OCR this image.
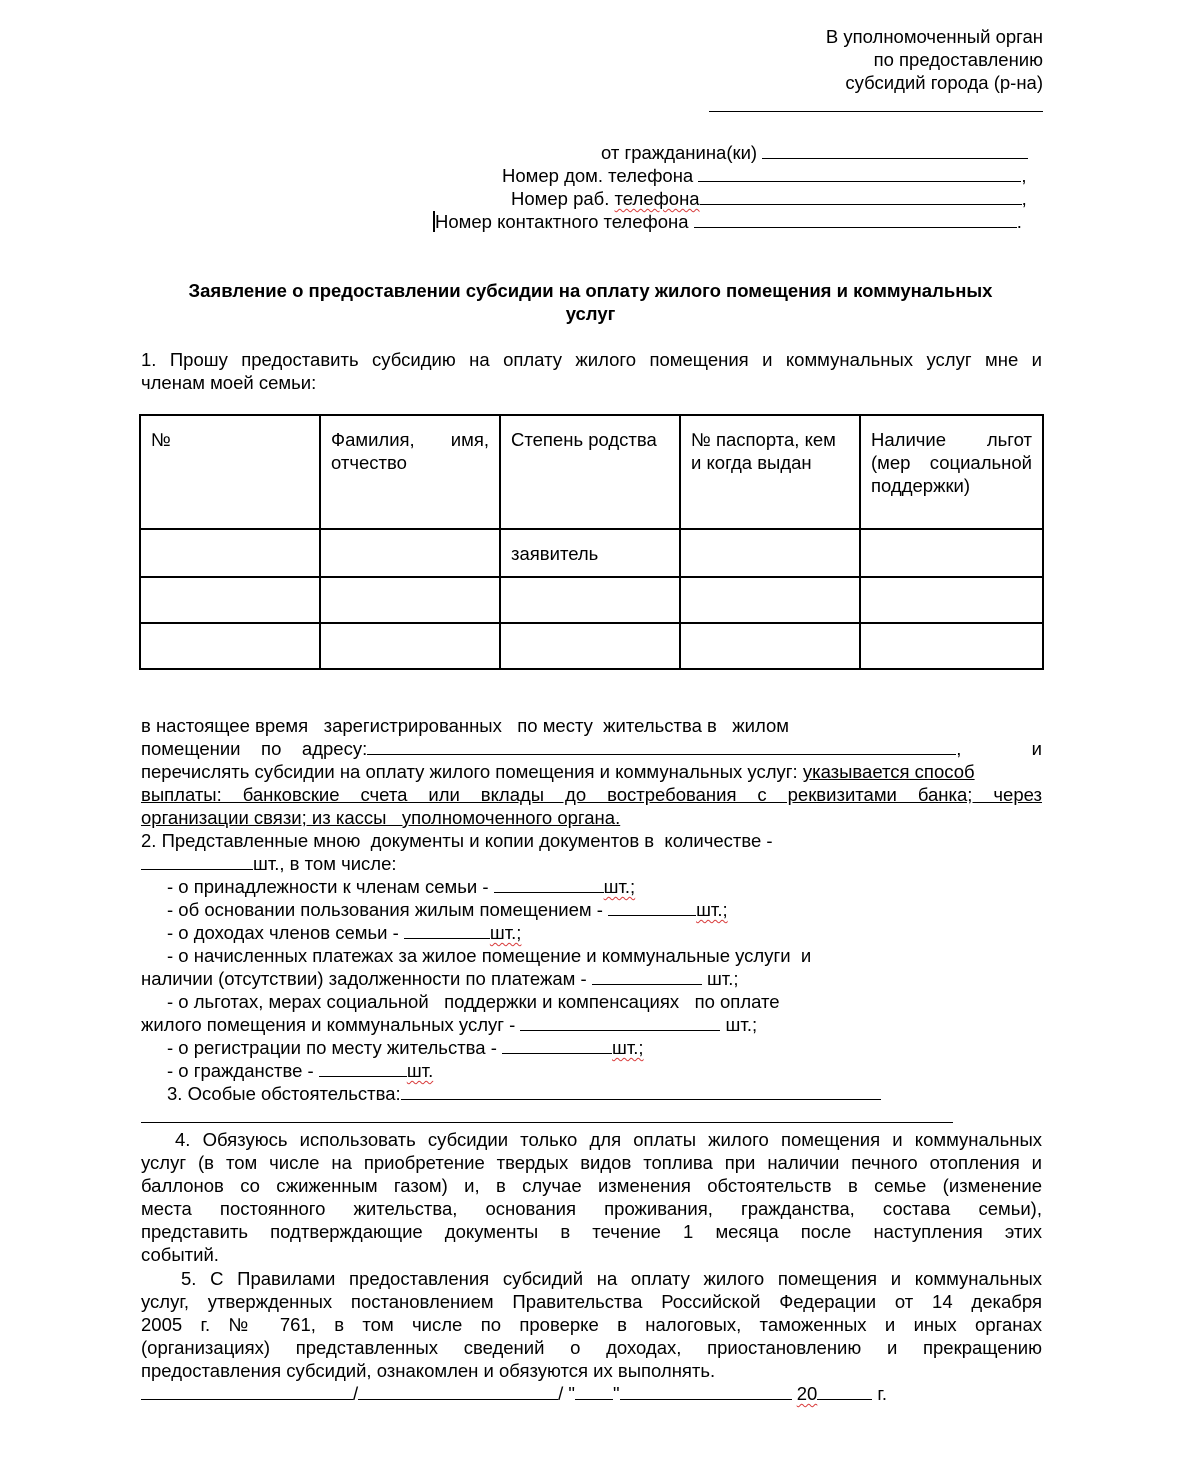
В уполномоченный орган
по предоставлению
субсидий города (р-на)
от гражданина(ки)
Номер дом. телефона	,
Номер раб. телефона	,
Номер контактного телефона	.
Заявление о предоставлении субсидии на оплату жилого помещения и коммунальных
услуг
1. Прошу предоставить субсидию на оплату жилого помещения и коммунальных услуг мне и
членам моей семьи:
№	Фамилия, имя, отчество	Степень родства	№ паспорта, кем и когда выдан	Наличие льгот (мер социальной поддержки)
		заявитель		

в настоящее время   зарегистрированных   по месту  жительства в   жилом
помещении    по    адресу:	,	и
перечислять субсидии на оплату жилого помещения и коммунальных услуг: указывается способ
выплаты: банковские счета или вклады до востребования с реквизитами банка; через
организации связи; из кассы   уполномоченного органа.
2. Представленные мною  документы и копии документов в  количестве -
шт., в том числе:
- о принадлежности к членам семьи -	шт.;
- об основании пользования жилым помещением -	шт.;
- о доходах членов семьи -	шт.;
- о начисленных платежах за жилое помещение и коммунальные услуги  и
наличии (отсутствии) задолженности по платежам -	шт.;
- о льготах, мерах социальной   поддержки и компенсациях   по оплате
жилого помещения и коммунальных услуг -	шт.;
- о регистрации по месту жительства -	шт.;
- о гражданстве -	шт.
3. Особые обстоятельства:
4. Обязуюсь использовать субсидии только для оплаты жилого помещения и коммунальных
услуг (в том числе на приобретение твердых видов топлива при наличии печного отопления и
баллонов со сжиженным газом) и, в случае изменения обстоятельств в семье (изменение
места постоянного жительства, основания проживания, гражданства, состава семьи),
представить подтверждающие документы в течение 1 месяца после наступления этих
событий.
5. С Правилами предоставления субсидий на оплату жилого помещения и коммунальных
услуг, утвержденных постановлением Правительства Российской Федерации от 14 декабря
2005 г. № 761, в том числе по проверке в налоговых, таможенных и иных органах
(организациях) представленных сведений о доходах, приостановлению и прекращению
предоставления субсидий, ознакомлен и обязуются их выполнять.
/	/ " "	20	г.
